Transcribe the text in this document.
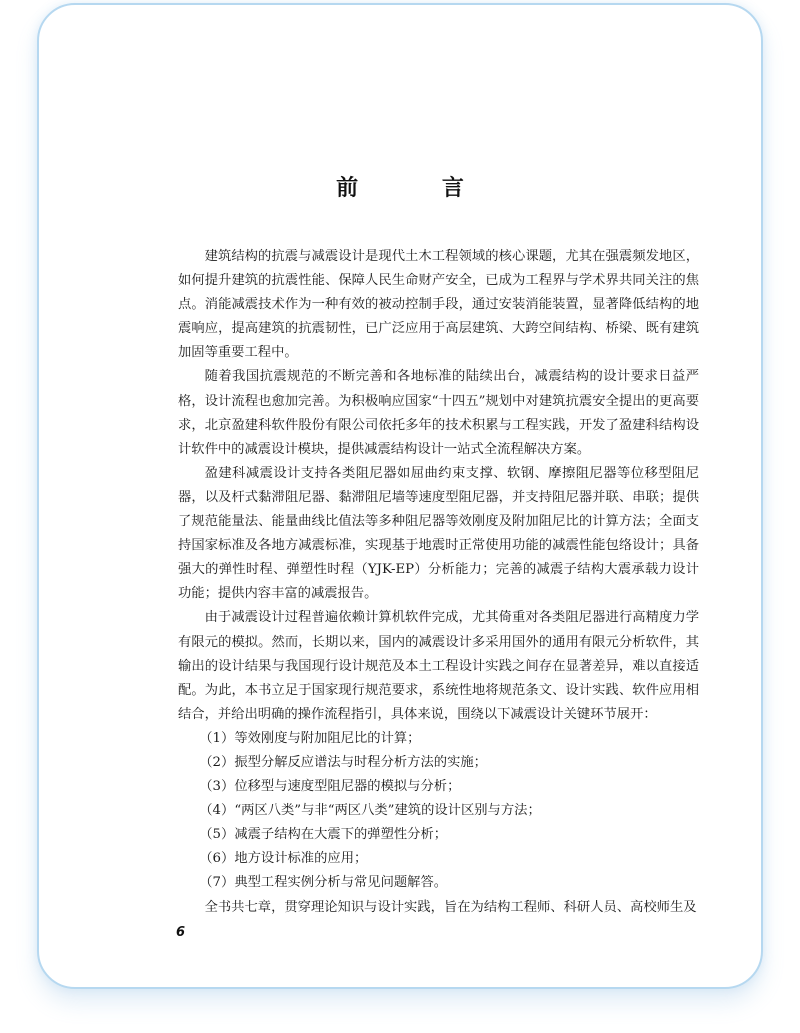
前 言

建筑结构的抗震与减震设计是现代土木工程领域的核心课题，尤其在强震频发地区，如何提升建筑的抗震性能、保障人民生命财产安全，已成为工程界与学术界共同关注的焦点。消能减震技术作为一种有效的被动控制手段，通过安装消能装置，显著降低结构的地震响应，提高建筑的抗震韧性，已广泛应用于高层建筑、大跨空间结构、桥梁、既有建筑加固等重要工程中。

随着我国抗震规范的不断完善和各地标准的陆续出台，减震结构的设计要求日益严格，设计流程也愈加完善。为积极响应国家“十四五”规划中对建筑抗震安全提出的更高要求，北京盈建科软件股份有限公司依托多年的技术积累与工程实践，开发了盈建科结构设计软件中的减震设计模块，提供减震结构设计一站式全流程解决方案。

盈建科减震设计支持各类阻尼器如屈曲约束支撑、软钢、摩擦阻尼器等位移型阻尼器，以及杆式黏滞阻尼器、黏滞阻尼墙等速度型阻尼器，并支持阻尼器并联、串联；提供了规范能量法、能量曲线比值法等多种阻尼器等效刚度及附加阻尼比的计算方法；全面支持国家标准及各地方减震标准，实现基于地震时正常使用功能的减震性能包络设计；具备强大的弹性时程、弹塑性时程（YJK-EP）分析能力；完善的减震子结构大震承载力设计功能；提供内容丰富的减震报告。

由于减震设计过程普遍依赖计算机软件完成，尤其倚重对各类阻尼器进行高精度力学有限元的模拟。然而，长期以来，国内的减震设计多采用国外的通用有限元分析软件，其输出的设计结果与我国现行设计规范及本土工程设计实践之间存在显著差异，难以直接适配。为此，本书立足于国家现行规范要求，系统性地将规范条文、设计实践、软件应用相结合，并给出明确的操作流程指引，具体来说，围绕以下减震设计关键环节展开：

（1）等效刚度与附加阻尼比的计算；
（2）振型分解反应谱法与时程分析方法的实施；
（3）位移型与速度型阻尼器的模拟与分析；
（4）“两区八类”与非“两区八类”建筑的设计区别与方法；
（5）减震子结构在大震下的弹塑性分析；
（6）地方设计标准的应用；
（7）典型工程实例分析与常见问题解答。

全书共七章，贯穿理论知识与设计实践，旨在为结构工程师、科研人员、高校师生及

6
